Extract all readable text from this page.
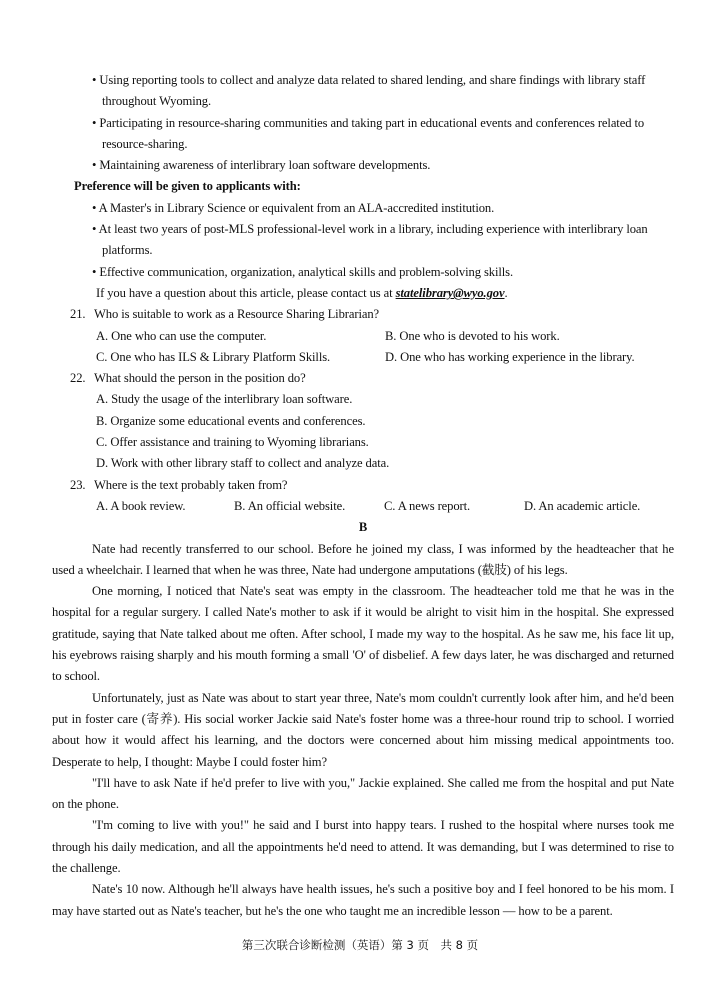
• Using reporting tools to collect and analyze data related to shared lending, and share findings with library staff throughout Wyoming.

• Participating in resource-sharing communities and taking part in educational events and conferences related to resource-sharing.

• Maintaining awareness of interlibrary loan software developments.

Preference will be given to applicants with:

• A Master's in Library Science or equivalent from an ALA-accredited institution.

• At least two years of post-MLS professional-level work in a library, including experience with interlibrary loan platforms.

• Effective communication, organization, analytical skills and problem-solving skills.

If you have a question about this article, please contact us at statelibrary@wyo.gov.

21. Who is suitable to work as a Resource Sharing Librarian?

A. One who can use the computer.	B. One who is devoted to his work.
C. One who has ILS & Library Platform Skills.	D. One who has working experience in the library.

22. What should the person in the position do?

A. Study the usage of the interlibrary loan software.

B. Organize some educational events and conferences.

C. Offer assistance and training to Wyoming librarians.

D. Work with other library staff to collect and analyze data.

23. Where is the text probably taken from?

A. A book review.	B. An official website.	C. A news report.	D. An academic article.

B

Nate had recently transferred to our school. Before he joined my class, I was informed by the headteacher that he used a wheelchair. I learned that when he was three, Nate had undergone amputations (截肢) of his legs.

One morning, I noticed that Nate's seat was empty in the classroom. The headteacher told me that he was in the hospital for a regular surgery. I called Nate's mother to ask if it would be alright to visit him in the hospital. She expressed gratitude, saying that Nate talked about me often. After school, I made my way to the hospital. As he saw me, his face lit up, his eyebrows raising sharply and his mouth forming a small 'O' of disbelief. A few days later, he was discharged and returned to school.

Unfortunately, just as Nate was about to start year three, Nate's mom couldn't currently look after him, and he'd been put in foster care (寄养). His social worker Jackie said Nate's foster home was a three-hour round trip to school. I worried about how it would affect his learning, and the doctors were concerned about him missing medical appointments too. Desperate to help, I thought: Maybe I could foster him?

"I'll have to ask Nate if he'd prefer to live with you," Jackie explained. She called me from the hospital and put Nate on the phone.

"I'm coming to live with you!" he said and I burst into happy tears. I rushed to the hospital where nurses took me through his daily medication, and all the appointments he'd need to attend. It was demanding, but I was determined to rise to the challenge.

Nate's 10 now. Although he'll always have health issues, he's such a positive boy and I feel honored to be his mom. I may have started out as Nate's teacher, but he's the one who taught me an incredible lesson — how to be a parent.

第三次联合诊断检测（英语）第 3 页　共 8 页
